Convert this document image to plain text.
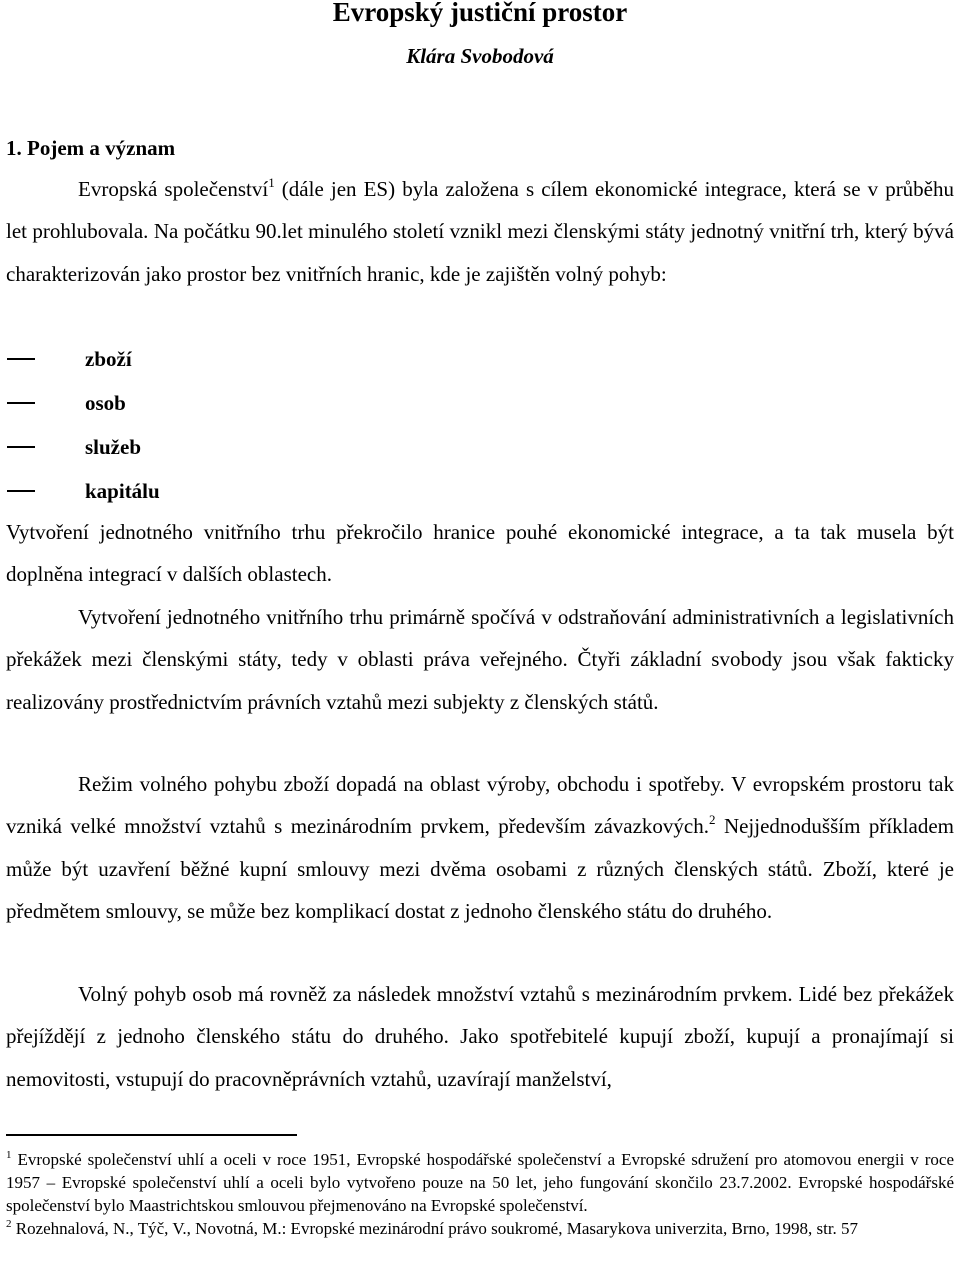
Evropský justiční prostor
Klára Svobodová
1. Pojem a význam

Evropská společenství$^1$ (dále jen ES) byla založena s cílem ekonomické integrace, která se v průběhu let prohlubovala. Na počátku 90.let minulého století vznikl mezi členskými státy jednotný vnitřní trh, který bývá charakterizován jako prostor bez vnitřních hranic, kde je zajištěn volný pohyb:

zboží
osob
služeb
kapitálu

Vytvoření jednotného vnitřního trhu překročilo hranice pouhé ekonomické integrace, a ta tak musela být doplněna integrací v dalších oblastech.

Vytvoření jednotného vnitřního trhu primárně spočívá v odstraňování administrativních a legislativních překážek mezi členskými státy, tedy v oblasti práva veřejného. Čtyři základní svobody jsou však fakticky realizovány prostřednictvím právních vztahů mezi subjekty z členských států.

Režim volného pohybu zboží dopadá na oblast výroby, obchodu i spotřeby. V evropském prostoru tak vzniká velké množství vztahů s mezinárodním prvkem, především závazkových.$^2$ Nejjednodušším příkladem může být uzavření běžné kupní smlouvy mezi dvěma osobami z různých členských států. Zboží, které je předmětem smlouvy, se může bez komplikací dostat z jednoho členského státu do druhého.

Volný pohyb osob má rovněž za následek množství vztahů s mezinárodním prvkem. Lidé bez překážek přejíždějí z jednoho členského státu do druhého. Jako spotřebitelé kupují zboží, kupují a pronajímají si nemovitosti, vstupují do pracovněprávních vztahů, uzavírají manželství,

$^1$ Evropské společenství uhlí a oceli v roce 1951, Evropské hospodářské společenství a Evropské sdružení pro atomovou energii v roce 1957 – Evropské společenství uhlí a oceli bylo vytvořeno pouze na 50 let, jeho fungování skončilo 23.7.2002. Evropské hospodářské společenství bylo Maastrichtskou smlouvou přejmenováno na Evropské společenství.

$^2$ Rozehnalová, N., Týč, V., Novotná, M.: Evropské mezinárodní právo soukromé, Masarykova univerzita, Brno, 1998, str. 57
